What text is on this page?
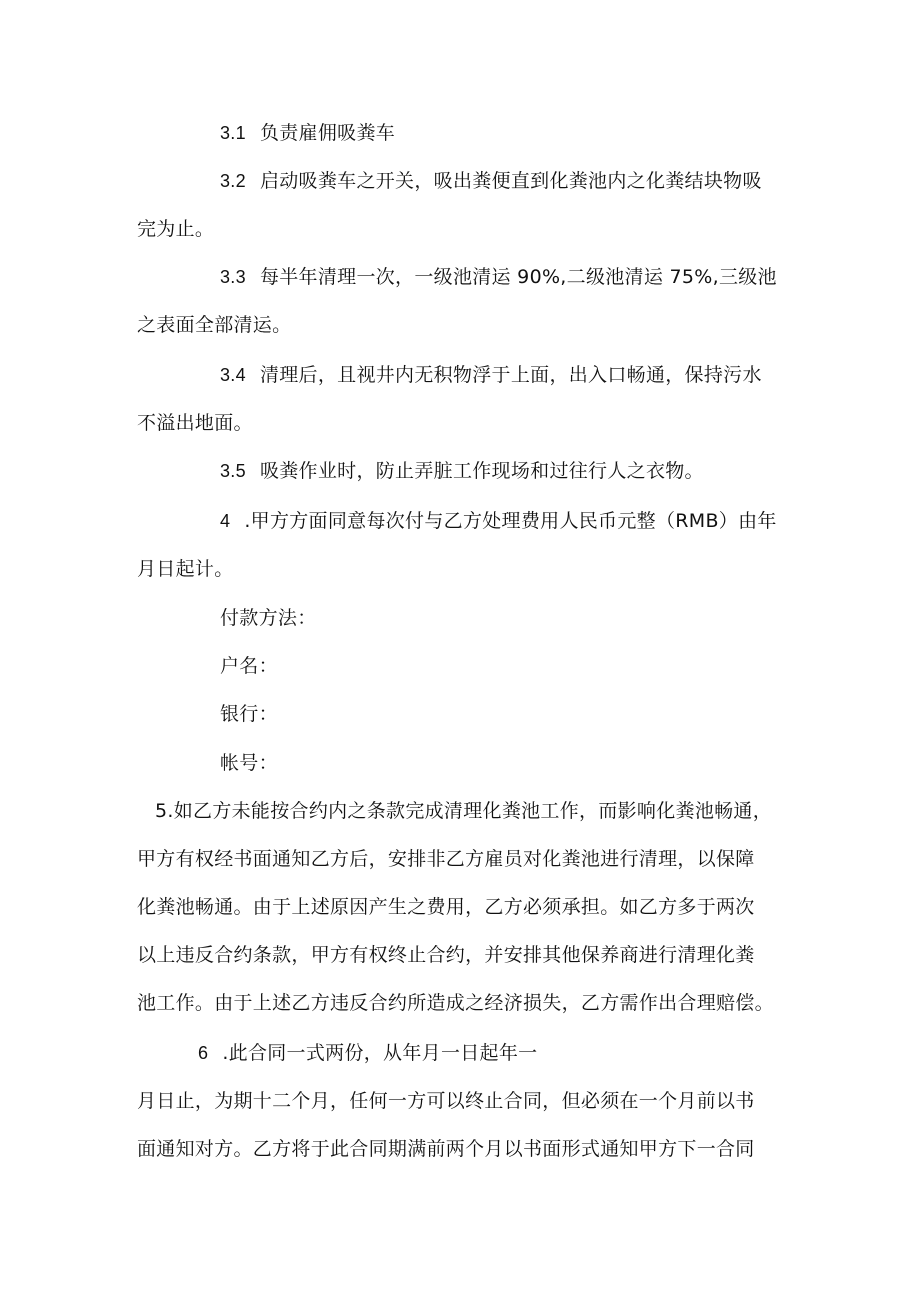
3.1 负责雇佣吸粪车
3.2 启动吸粪车之开关，吸出粪便直到化粪池内之化粪结块物吸
完为止。
3.3 每半年清理一次，一级池清运 90%,二级池清运 75%,三级池
之表面全部清运。
3.4 清理后，且视井内无积物浮于上面，出入口畅通，保持污水
不溢出地面。
3.5 吸粪作业时，防止弄脏工作现场和过往行人之衣物。
4 .甲方方面同意每次付与乙方处理费用人民币元整（RMB）由年
月日起计。
付款方法：
户名：
银行：
帐号：
5.如乙方未能按合约内之条款完成清理化粪池工作，而影响化粪池畅通，
甲方有权经书面通知乙方后，安排非乙方雇员对化粪池进行清理，以保障
化粪池畅通。由于上述原因产生之费用，乙方必须承担。如乙方多于两次
以上违反合约条款，甲方有权终止合约，并安排其他保养商进行清理化粪
池工作。由于上述乙方违反合约所造成之经济损失，乙方需作出合理赔偿。
6 .此合同一式两份，从年月一日起年一
月日止，为期十二个月，任何一方可以终止合同，但必须在一个月前以书
面通知对方。乙方将于此合同期满前两个月以书面形式通知甲方下一合同
